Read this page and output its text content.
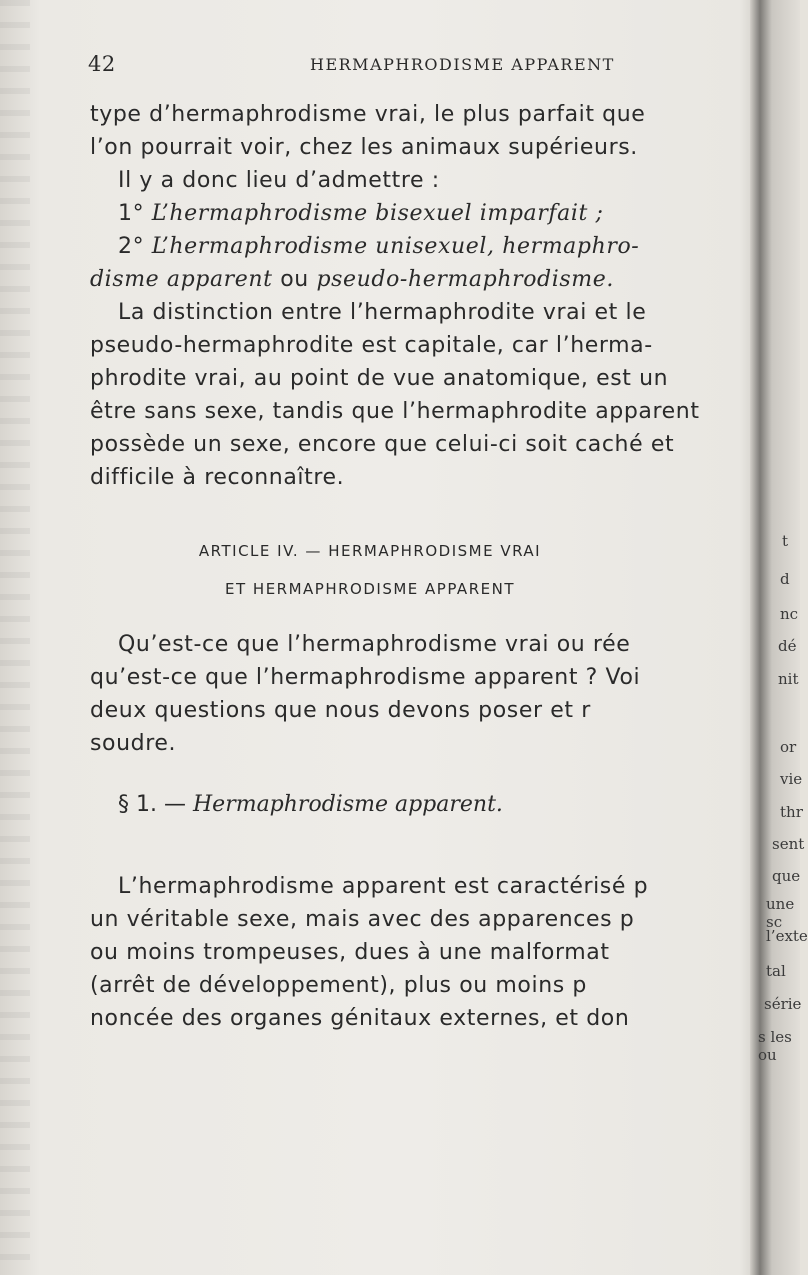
42	HERMAPHRODISME APPARENT
type d’hermaphrodisme vrai, le plus parfait que
l’on pourrait voir, chez les animaux supérieurs.
Il y a donc lieu d’admettre :
1° L’hermaphrodisme bisexuel imparfait ;
2° L’hermaphrodisme unisexuel, hermaphro-
disme apparent ou pseudo-hermaphrodisme.
La distinction entre l’hermaphrodite vrai et le
pseudo-hermaphrodite est capitale, car l’herma-
phrodite vrai, au point de vue anatomique, est un
être sans sexe, tandis que l’hermaphrodite apparent
possède un sexe, encore que celui-ci soit caché et
difficile à reconnaître.
ARTICLE IV. — HERMAPHRODISME VRAI
ET HERMAPHRODISME APPARENT
Qu’est-ce que l’hermaphrodisme vrai ou rée
qu’est-ce que l’hermaphrodisme apparent ? Voi
deux questions que nous devons poser et r
soudre.
§ 1. — Hermaphrodisme apparent.
L’hermaphrodisme apparent est caractérisé p
un véritable sexe, mais avec des apparences p
ou moins trompeuses, dues à une malformat
(arrêt de développement), plus ou moins p
noncée des organes génitaux externes, et don
t
d
nc
dé
nit
or
vie
thr
sent
que
une sc
l’exte
tal
série
s les ou
